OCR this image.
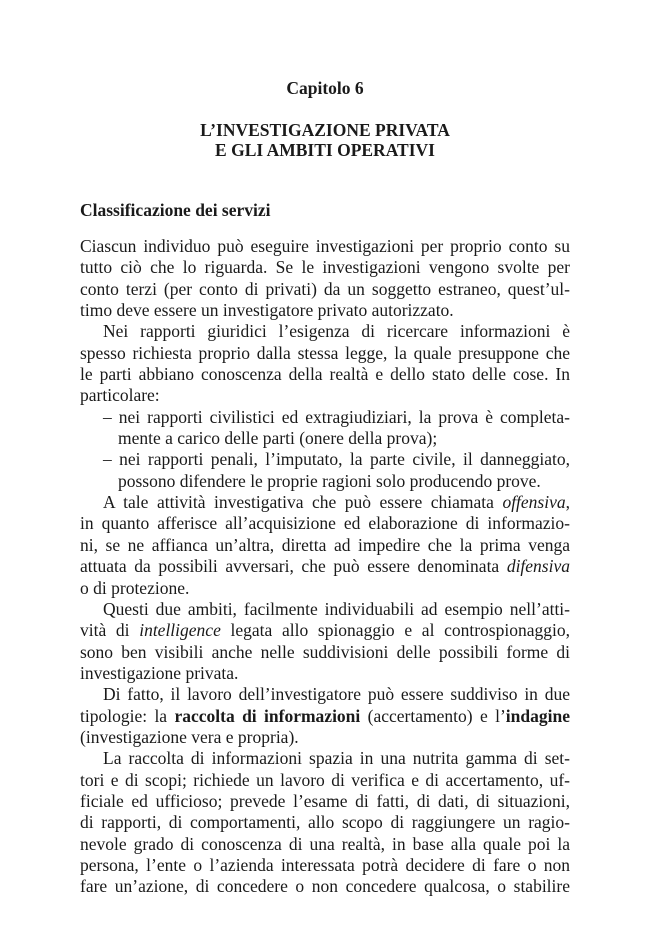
Capitolo 6
L’INVESTIGAZIONE PRIVATA
E GLI AMBITI OPERATIVI
Classificazione dei servizi
Ciascun individuo può eseguire investigazioni per proprio conto su
tutto ciò che lo riguarda. Se le investigazioni vengono svolte per
conto terzi (per conto di privati) da un soggetto estraneo, quest’ul-
timo deve essere un investigatore privato autorizzato.
Nei rapporti giuridici l’esigenza di ricercare informazioni è
spesso richiesta proprio dalla stessa legge, la quale presuppone che
le parti abbiano conoscenza della realtà e dello stato delle cose. In
particolare:
– nei rapporti civilistici ed extragiudiziari, la prova è completa-
mente a carico delle parti (onere della prova);
– nei rapporti penali, l’imputato, la parte civile, il danneggiato,
possono difendere le proprie ragioni solo producendo prove.
A tale attività investigativa che può essere chiamata offensiva,
in quanto afferisce all’acquisizione ed elaborazione di informazio-
ni, se ne affianca un’altra, diretta ad impedire che la prima venga
attuata da possibili avversari, che può essere denominata difensiva
o di protezione.
Questi due ambiti, facilmente individuabili ad esempio nell’atti-
vità di intelligence legata allo spionaggio e al controspionaggio,
sono ben visibili anche nelle suddivisioni delle possibili forme di
investigazione privata.
Di fatto, il lavoro dell’investigatore può essere suddiviso in due
tipologie: la raccolta di informazioni (accertamento) e l’indagine
(investigazione vera e propria).
La raccolta di informazioni spazia in una nutrita gamma di set-
tori e di scopi; richiede un lavoro di verifica e di accertamento, uf-
ficiale ed ufficioso; prevede l’esame di fatti, di dati, di situazioni,
di rapporti, di comportamenti, allo scopo di raggiungere un ragio-
nevole grado di conoscenza di una realtà, in base alla quale poi la
persona, l’ente o l’azienda interessata potrà decidere di fare o non
fare un’azione, di concedere o non concedere qualcosa, o stabilire
